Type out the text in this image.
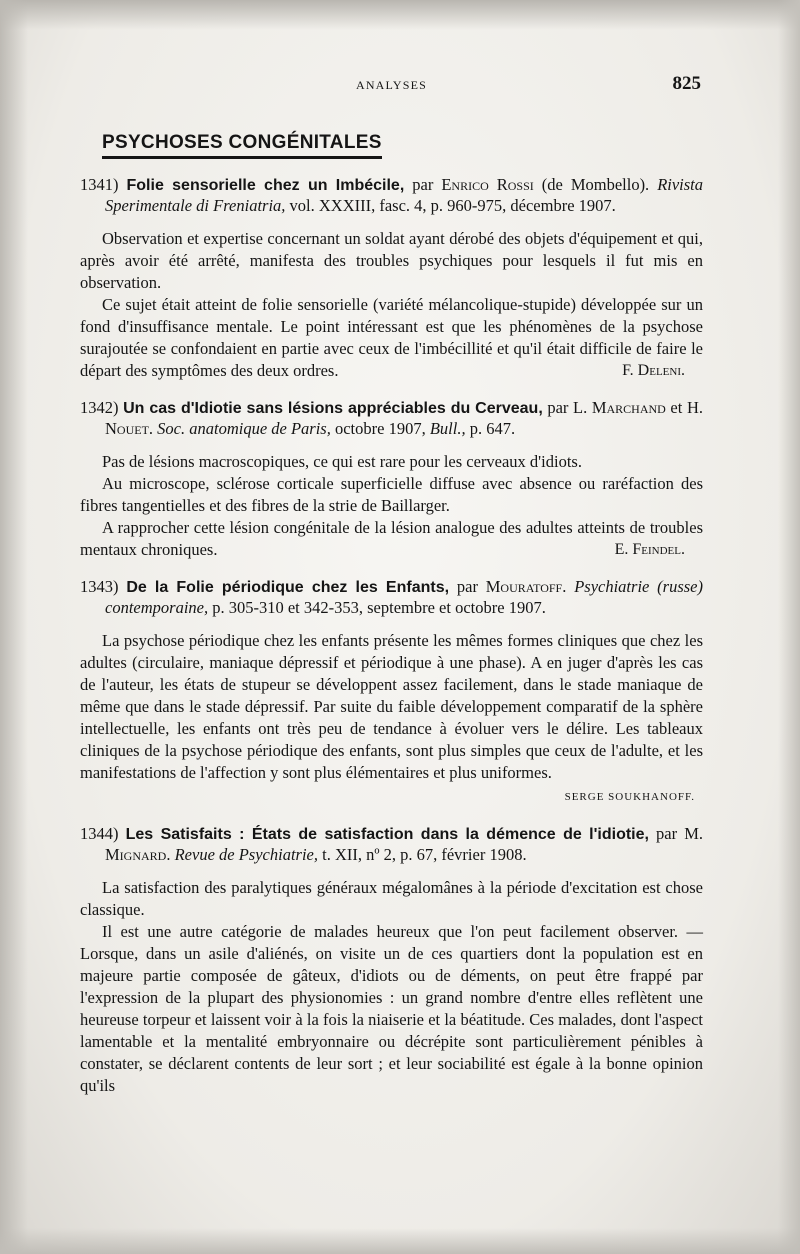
ANALYSES	825
PSYCHOSES CONGÉNITALES

1341) Folie sensorielle chez un Imbécile, par Enrico Rossi (de Mombello). Rivista Sperimentale di Freniatria, vol. XXXIII, fasc. 4, p. 960-975, décembre 1907.

Observation et expertise concernant un soldat ayant dérobé des objets d'équipement et qui, après avoir été arrêté, manifesta des troubles psychiques pour lesquels il fut mis en observation.

Ce sujet était atteint de folie sensorielle (variété mélancolique-stupide) développée sur un fond d'insuffisance mentale. Le point intéressant est que les phénomènes de la psychose surajoutée se confondaient en partie avec ceux de l'imbécillité et qu'il était difficile de faire le départ des symptômes des deux ordres.	F. Deleni.

1342) Un cas d'Idiotie sans lésions appréciables du Cerveau, par L. Marchand et H. Nouet. Soc. anatomique de Paris, octobre 1907, Bull., p. 647.

Pas de lésions macroscopiques, ce qui est rare pour les cerveaux d'idiots.

Au microscope, sclérose corticale superficielle diffuse avec absence ou raréfaction des fibres tangentielles et des fibres de la strie de Baillarger.

A rapprocher cette lésion congénitale de la lésion analogue des adultes atteints de troubles mentaux chroniques.	E. Feindel.

1343) De la Folie périodique chez les Enfants, par Mouratoff. Psychiatrie (russe) contemporaine, p. 305-310 et 342-353, septembre et octobre 1907.

La psychose périodique chez les enfants présente les mêmes formes cliniques que chez les adultes (circulaire, maniaque dépressif et périodique à une phase). A en juger d'après les cas de l'auteur, les états de stupeur se développent assez facilement, dans le stade maniaque de même que dans le stade dépressif. Par suite du faible développement comparatif de la sphère intellectuelle, les enfants ont très peu de tendance à évoluer vers le délire. Les tableaux cliniques de la psychose périodique des enfants, sont plus simples que ceux de l'adulte, et les manifestations de l'affection y sont plus élémentaires et plus uniformes.

SERGE SOUKHANOFF.

1344) Les Satisfaits : États de satisfaction dans la démence de l'idiotie, par M. Mignard. Revue de Psychiatrie, t. XII, nº 2, p. 67, février 1908.

La satisfaction des paralytiques généraux mégalomânes à la période d'excitation est chose classique.

Il est une autre catégorie de malades heureux que l'on peut facilement observer. — Lorsque, dans un asile d'aliénés, on visite un de ces quartiers dont la population est en majeure partie composée de gâteux, d'idiots ou de déments, on peut être frappé par l'expression de la plupart des physionomies : un grand nombre d'entre elles reflètent une heureuse torpeur et laissent voir à la fois la niaiserie et la béatitude. Ces malades, dont l'aspect lamentable et la mentalité embryonnaire ou décrépite sont particulièrement pénibles à constater, se déclarent contents de leur sort ; et leur sociabilité est égale à la bonne opinion qu'ils
